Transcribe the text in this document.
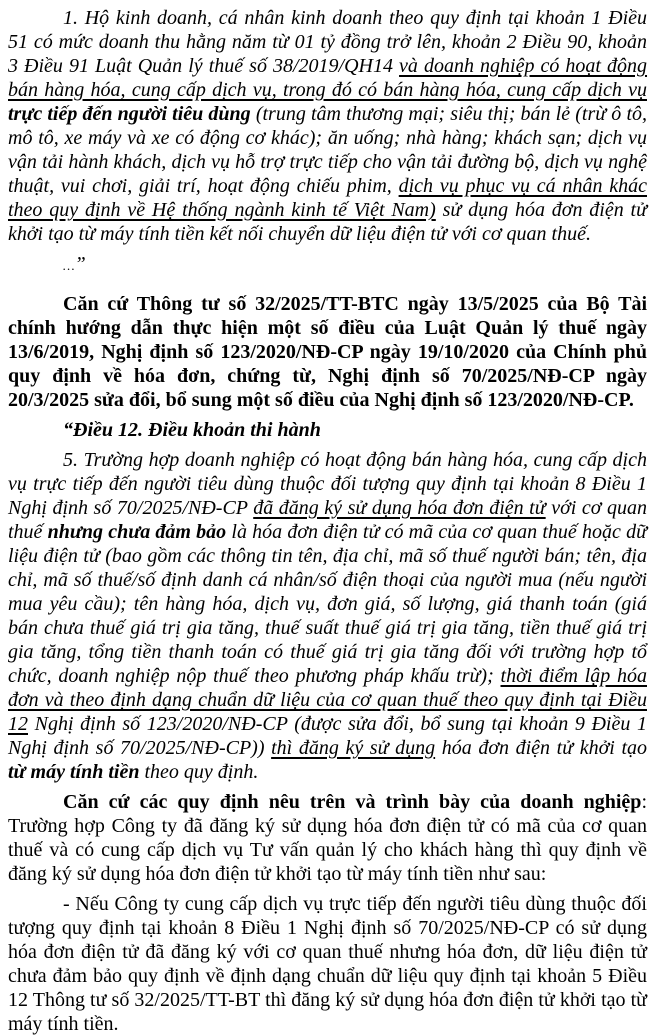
1. Hộ kinh doanh, cá nhân kinh doanh theo quy định tại khoản 1 Điều 51 có mức doanh thu hằng năm từ 01 tỷ đồng trở lên, khoản 2 Điều 90, khoản 3 Điều 91 Luật Quản lý thuế số 38/2019/QH14 và doanh nghiệp có hoạt động bán hàng hóa, cung cấp dịch vụ, trong đó có bán hàng hóa, cung cấp dịch vụ trực tiếp đến người tiêu dùng (trung tâm thương mại; siêu thị; bán lẻ (trừ ô tô, mô tô, xe máy và xe có động cơ khác); ăn uống; nhà hàng; khách sạn; dịch vụ vận tải hành khách, dịch vụ hỗ trợ trực tiếp cho vận tải đường bộ, dịch vụ nghệ thuật, vui chơi, giải trí, hoạt động chiếu phim, dịch vụ phục vụ cá nhân khác theo quy định về Hệ thống ngành kinh tế Việt Nam) sử dụng hóa đơn điện tử khởi tạo từ máy tính tiền kết nối chuyển dữ liệu điện tử với cơ quan thuế.

…”

Căn cứ Thông tư số 32/2025/TT-BTC ngày 13/5/2025 của Bộ Tài chính hướng dẫn thực hiện một số điều của Luật Quản lý thuế ngày 13/6/2019, Nghị định số 123/2020/NĐ-CP ngày 19/10/2020 của Chính phủ quy định về hóa đơn, chứng từ, Nghị định số 70/2025/NĐ-CP ngày 20/3/2025 sửa đổi, bổ sung một số điều của Nghị định số 123/2020/NĐ-CP.

“Điều 12. Điều khoản thi hành

5. Trường hợp doanh nghiệp có hoạt động bán hàng hóa, cung cấp dịch vụ trực tiếp đến người tiêu dùng thuộc đối tượng quy định tại khoản 8 Điều 1 Nghị định số 70/2025/NĐ-CP đã đăng ký sử dụng hóa đơn điện tử với cơ quan thuế nhưng chưa đảm bảo là hóa đơn điện tử có mã của cơ quan thuế hoặc dữ liệu điện tử (bao gồm các thông tin tên, địa chỉ, mã số thuế người bán; tên, địa chỉ, mã số thuế/số định danh cá nhân/số điện thoại của người mua (nếu người mua yêu cầu); tên hàng hóa, dịch vụ, đơn giá, số lượng, giá thanh toán (giá bán chưa thuế giá trị gia tăng, thuế suất thuế giá trị gia tăng, tiền thuế giá trị gia tăng, tổng tiền thanh toán có thuế giá trị gia tăng đối với trường hợp tổ chức, doanh nghiệp nộp thuế theo phương pháp khấu trừ); thời điểm lập hóa đơn và theo định dạng chuẩn dữ liệu của cơ quan thuế theo quy định tại Điều 12 Nghị định số 123/2020/NĐ-CP (được sửa đổi, bổ sung tại khoản 9 Điều 1 Nghị định số 70/2025/NĐ-CP)) thì đăng ký sử dụng hóa đơn điện tử khởi tạo từ máy tính tiền theo quy định.

Căn cứ các quy định nêu trên và trình bày của doanh nghiệp: Trường hợp Công ty đã đăng ký sử dụng hóa đơn điện tử có mã của cơ quan thuế và có cung cấp dịch vụ Tư vấn quản lý cho khách hàng thì quy định về đăng ký sử dụng hóa đơn điện tử khởi tạo từ máy tính tiền như sau:

- Nếu Công ty cung cấp dịch vụ trực tiếp đến người tiêu dùng thuộc đối tượng quy định tại khoản 8 Điều 1 Nghị định số 70/2025/NĐ-CP có sử dụng hóa đơn điện tử đã đăng ký với cơ quan thuế nhưng hóa đơn, dữ liệu điện tử chưa đảm bảo quy định về định dạng chuẩn dữ liệu quy định tại khoản 5 Điều 12 Thông tư số 32/2025/TT-BT thì đăng ký sử dụng hóa đơn điện tử khởi tạo từ máy tính tiền.
